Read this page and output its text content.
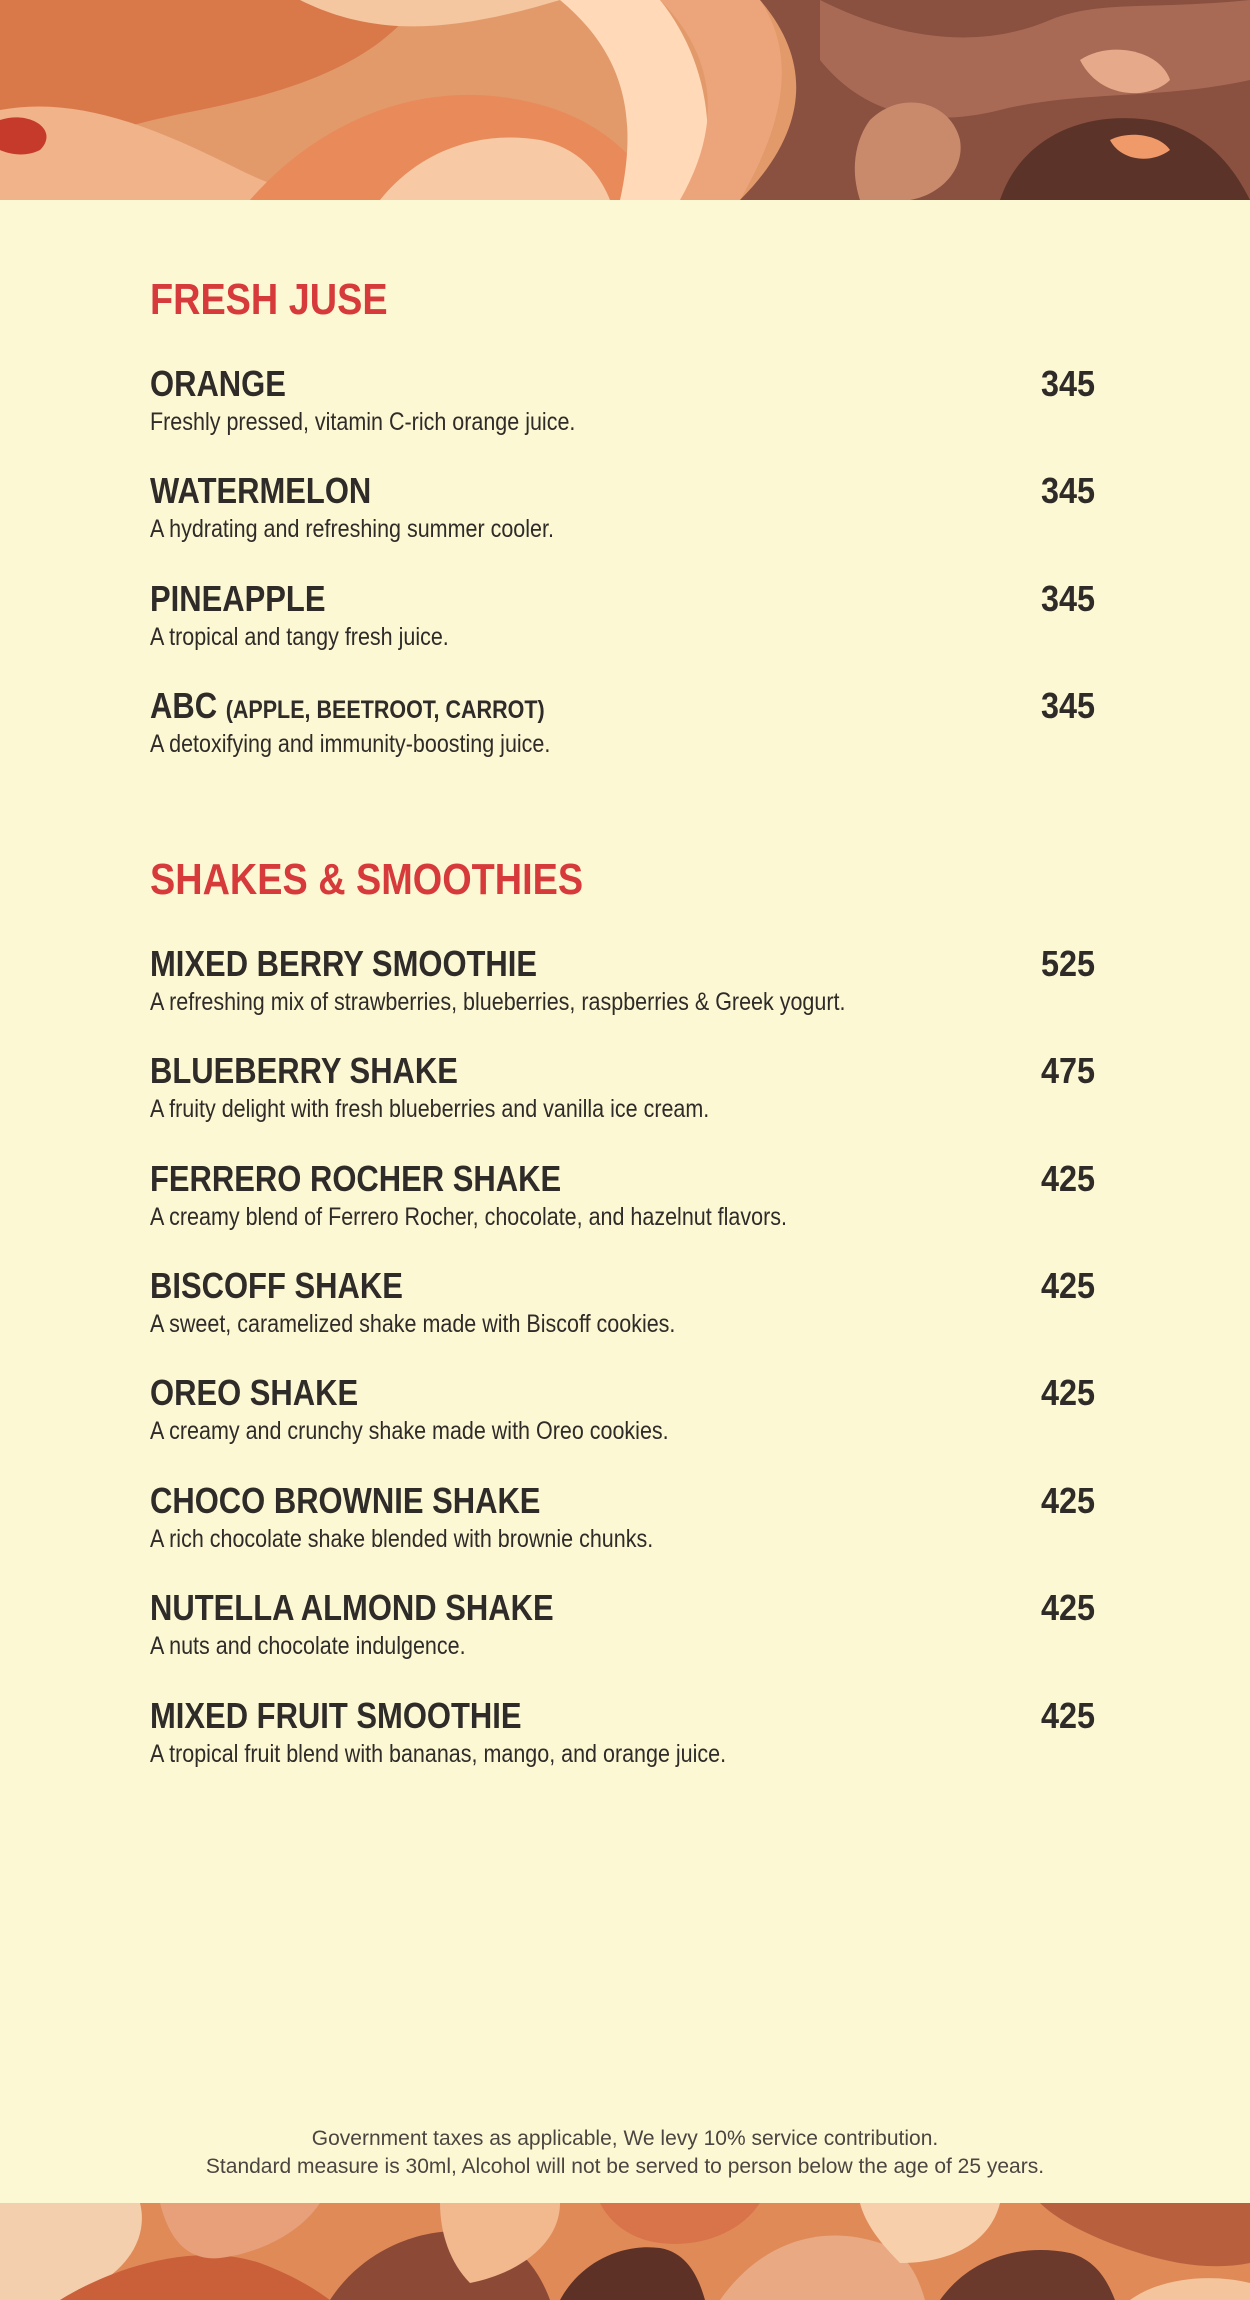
FRESH JUSE
ORANGE	345
Freshly pressed, vitamin C-rich orange juice.
WATERMELON	345
A hydrating and refreshing summer cooler.
PINEAPPLE	345
A tropical and tangy fresh juice.
ABC (APPLE, BEETROOT, CARROT)	345
A detoxifying and immunity-boosting juice.
SHAKES & SMOOTHIES
MIXED BERRY SMOOTHIE	525
A refreshing mix of strawberries, blueberries, raspberries & Greek yogurt.
BLUEBERRY SHAKE	475
A fruity delight with fresh blueberries and vanilla ice cream.
FERRERO ROCHER SHAKE	425
A creamy blend of Ferrero Rocher, chocolate, and hazelnut flavors.
BISCOFF SHAKE	425
A sweet, caramelized shake made with Biscoff cookies.
OREO SHAKE	425
A creamy and crunchy shake made with Oreo cookies.
CHOCO BROWNIE SHAKE	425
A rich chocolate shake blended with brownie chunks.
NUTELLA ALMOND SHAKE	425
A nuts and chocolate indulgence.
MIXED FRUIT SMOOTHIE	425
A tropical fruit blend with bananas, mango, and orange juice.
Government taxes as applicable, We levy 10% service contribution.
Standard measure is 30ml, Alcohol will not be served to person below the age of 25 years.
